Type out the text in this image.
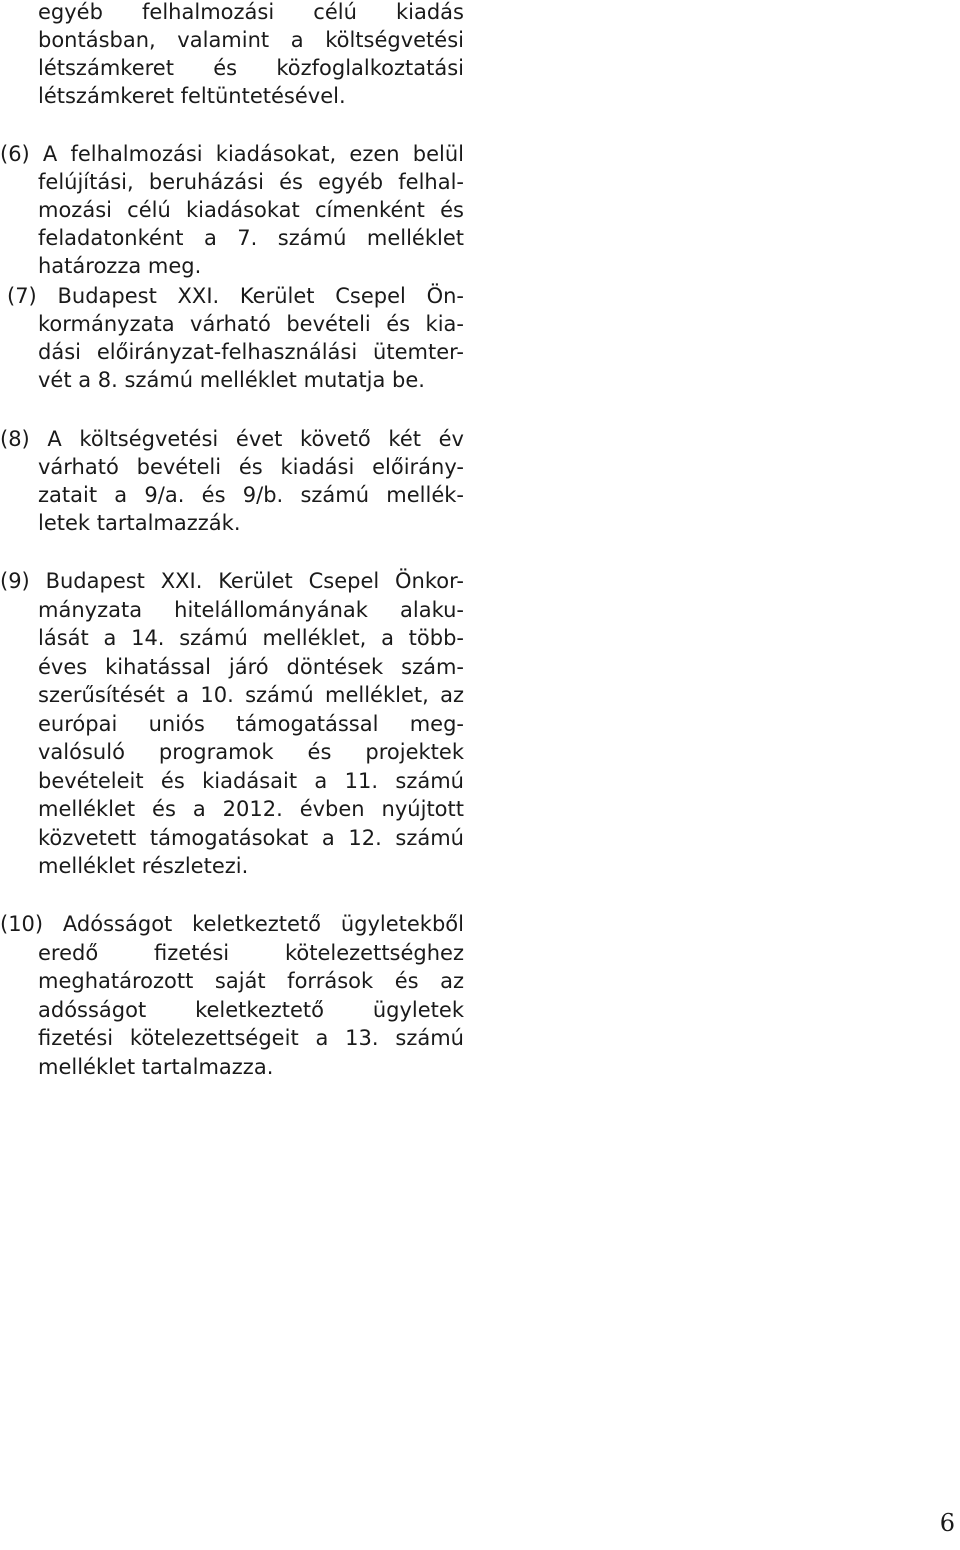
egyéb felhalmozási célú kiadás
bontásban, valamint a költségvetési
létszámkeret és közfoglalkoztatási
létszámkeret feltüntetésével.
(6) A felhalmozási kiadásokat, ezen belül
felújítási, beruházási és egyéb felhal-
mozási célú kiadásokat címenként és
feladatonként a 7. számú melléklet
határozza meg.
(7) Budapest XXI. Kerület Csepel Ön-
kormányzata várható bevételi és kia-
dási előirányzat-felhasználási ütemter-
vét a 8. számú melléklet mutatja be.
(8) A költségvetési évet követő két év
várható bevételi és kiadási előirány-
zatait a 9/a. és 9/b. számú mellék-
letek tartalmazzák.
(9) Budapest XXI. Kerület Csepel Önkor-
mányzata hitelállományának alaku-
lását a 14. számú melléklet, a több-
éves kihatással járó döntések szám-
szerűsítését a 10. számú melléklet, az
európai uniós támogatással meg-
valósuló programok és projektek
bevételeit és kiadásait a 11. számú
melléklet és a 2012. évben nyújtott
közvetett támogatásokat a 12. számú
melléklet részletezi.
(10) Adósságot keletkeztető ügyletekből
eredő fizetési kötelezettséghez
meghatározott saját források és az
adósságot keletkeztető ügyletek
fizetési kötelezettségeit a 13. számú
melléklet tartalmazza.
6
